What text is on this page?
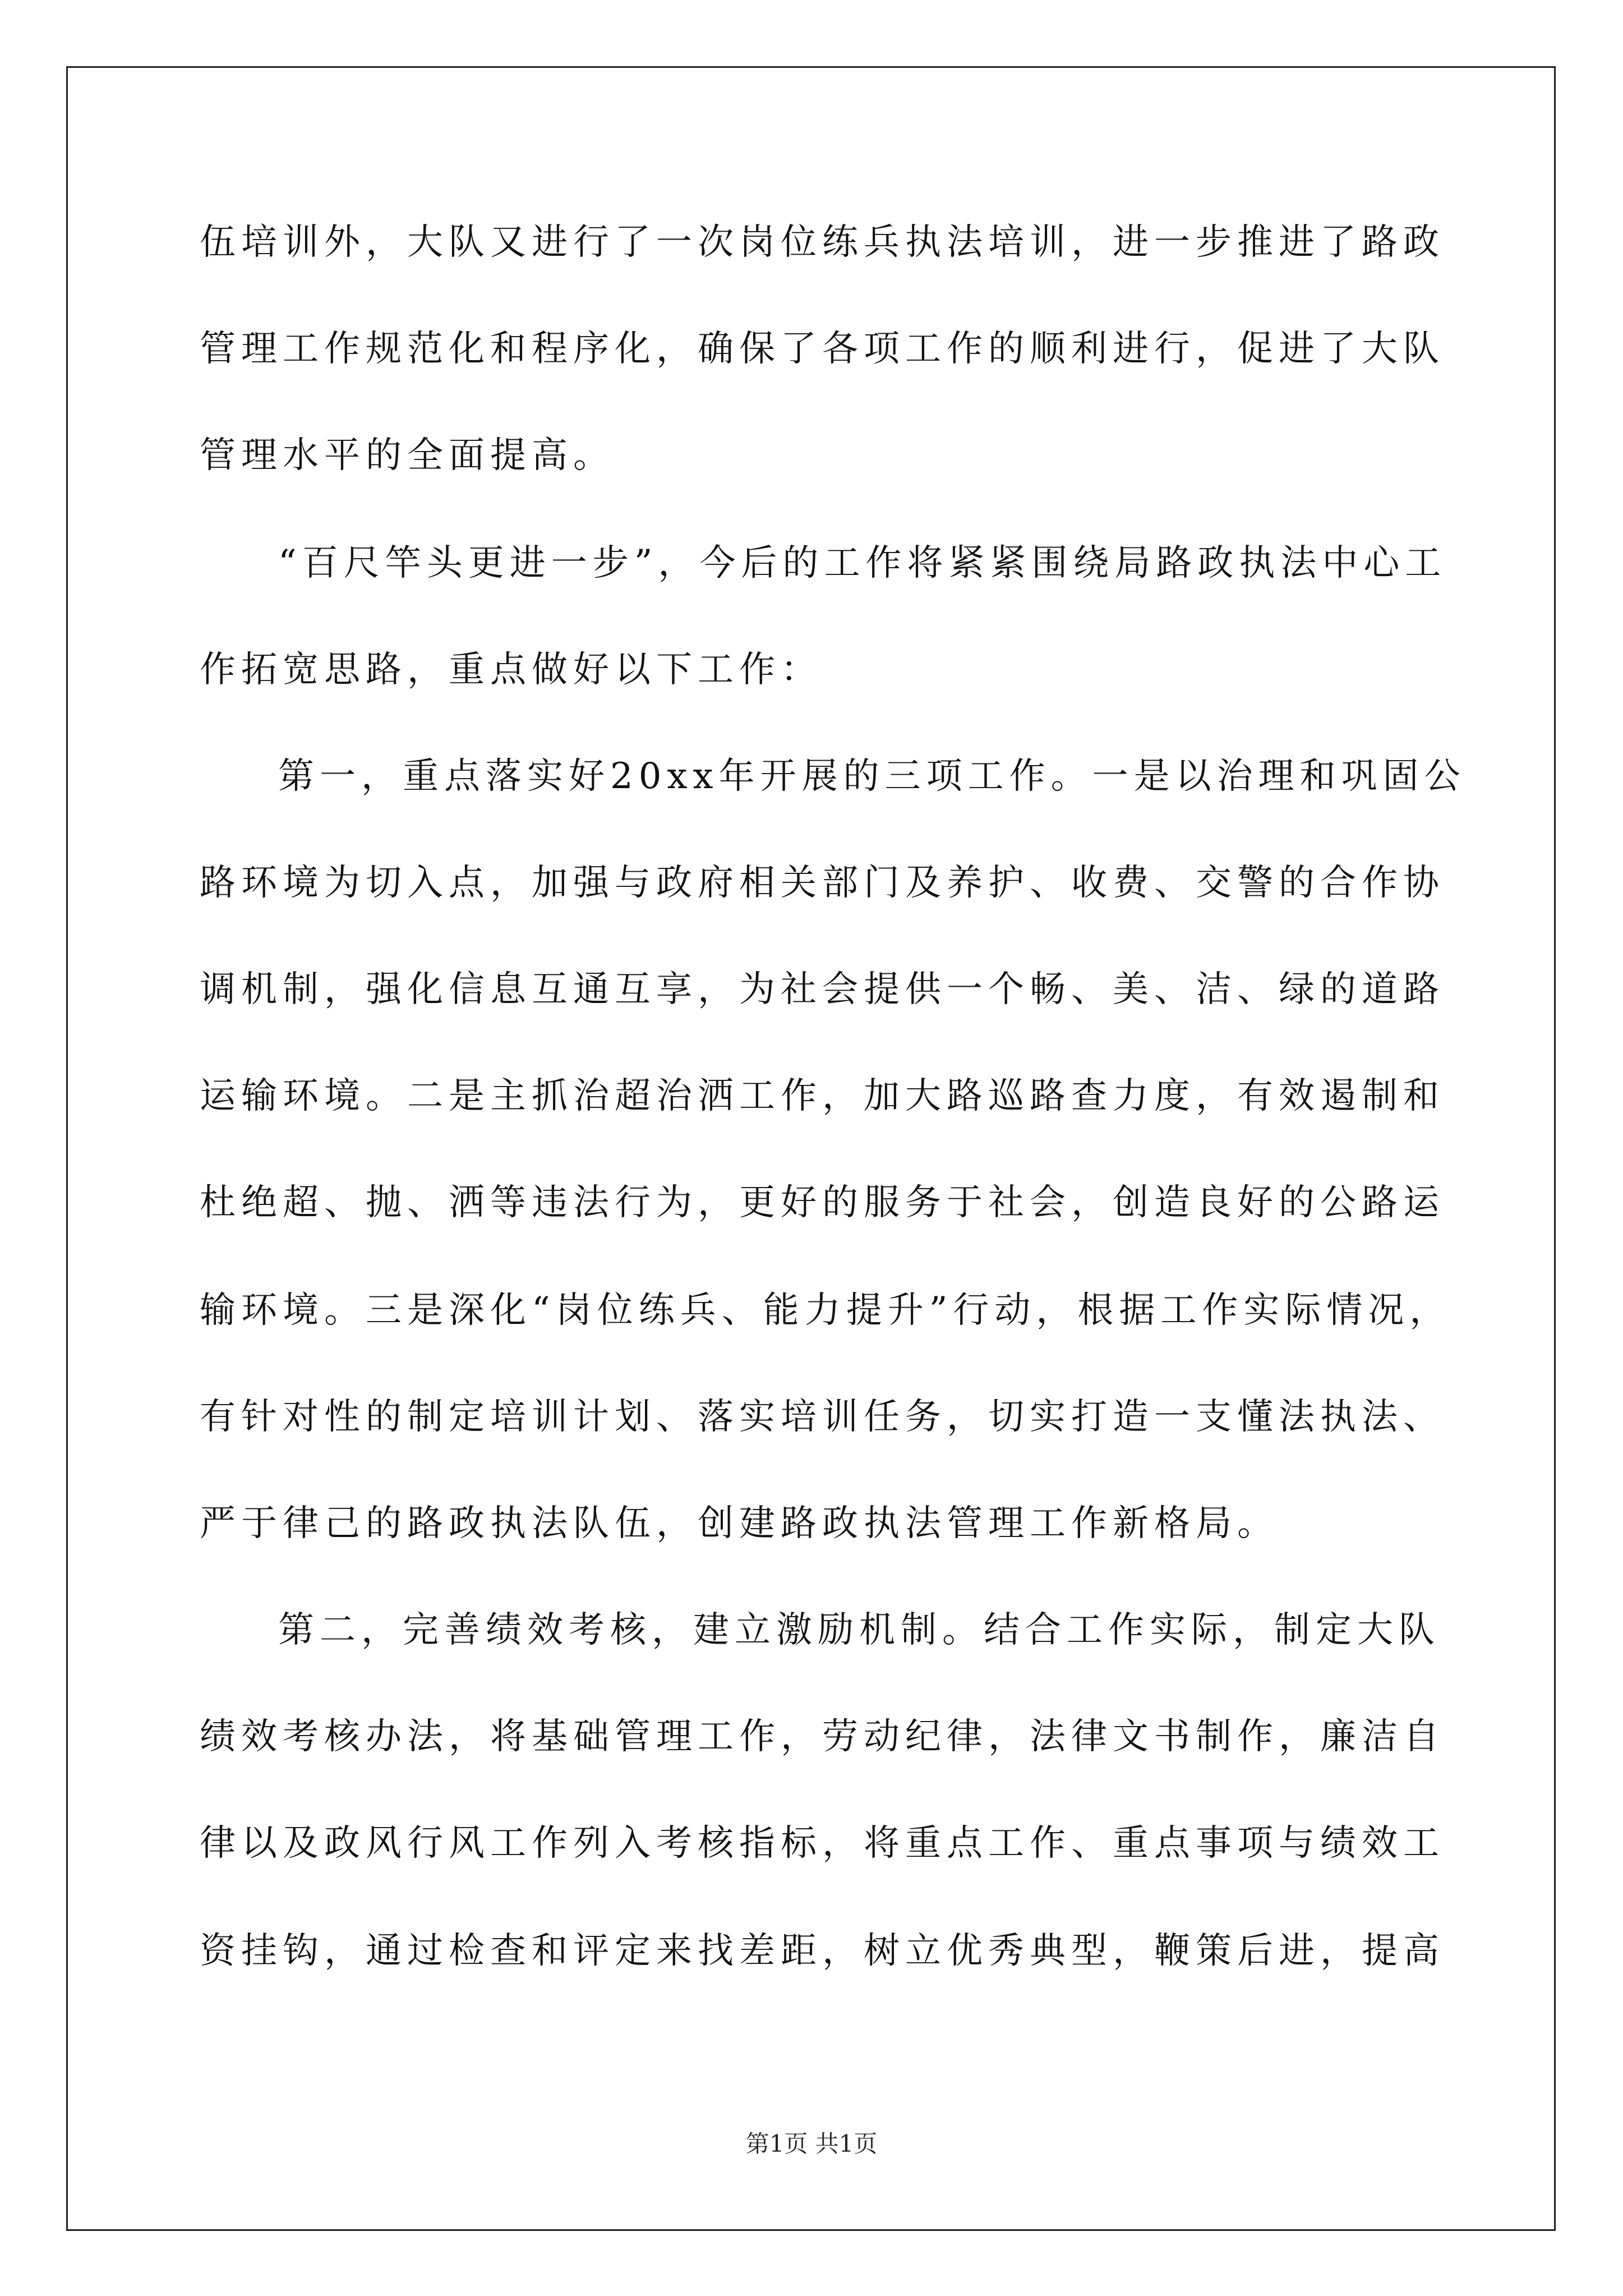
伍培训外，大队又进行了一次岗位练兵执法培训，进一步推进了路政
管理工作规范化和程序化，确保了各项工作的顺利进行，促进了大队
管理水平的全面提高。
“百尺竿头更进一步”，今后的工作将紧紧围绕局路政执法中心工
作拓宽思路，重点做好以下工作：
第一，重点落实好20xx年开展的三项工作。一是以治理和巩固公
路环境为切入点，加强与政府相关部门及养护、收费、交警的合作协
调机制，强化信息互通互享，为社会提供一个畅、美、洁、绿的道路
运输环境。二是主抓治超治洒工作，加大路巡路查力度，有效遏制和
杜绝超、抛、洒等违法行为，更好的服务于社会，创造良好的公路运
输环境。三是深化“岗位练兵、能力提升”行动，根据工作实际情况，
有针对性的制定培训计划、落实培训任务，切实打造一支懂法执法、
严于律己的路政执法队伍，创建路政执法管理工作新格局。
第二，完善绩效考核，建立激励机制。结合工作实际，制定大队
绩效考核办法，将基础管理工作，劳动纪律，法律文书制作，廉洁自
律以及政风行风工作列入考核指标，将重点工作、重点事项与绩效工
资挂钩，通过检查和评定来找差距，树立优秀典型，鞭策后进，提高
第1页 共1页
